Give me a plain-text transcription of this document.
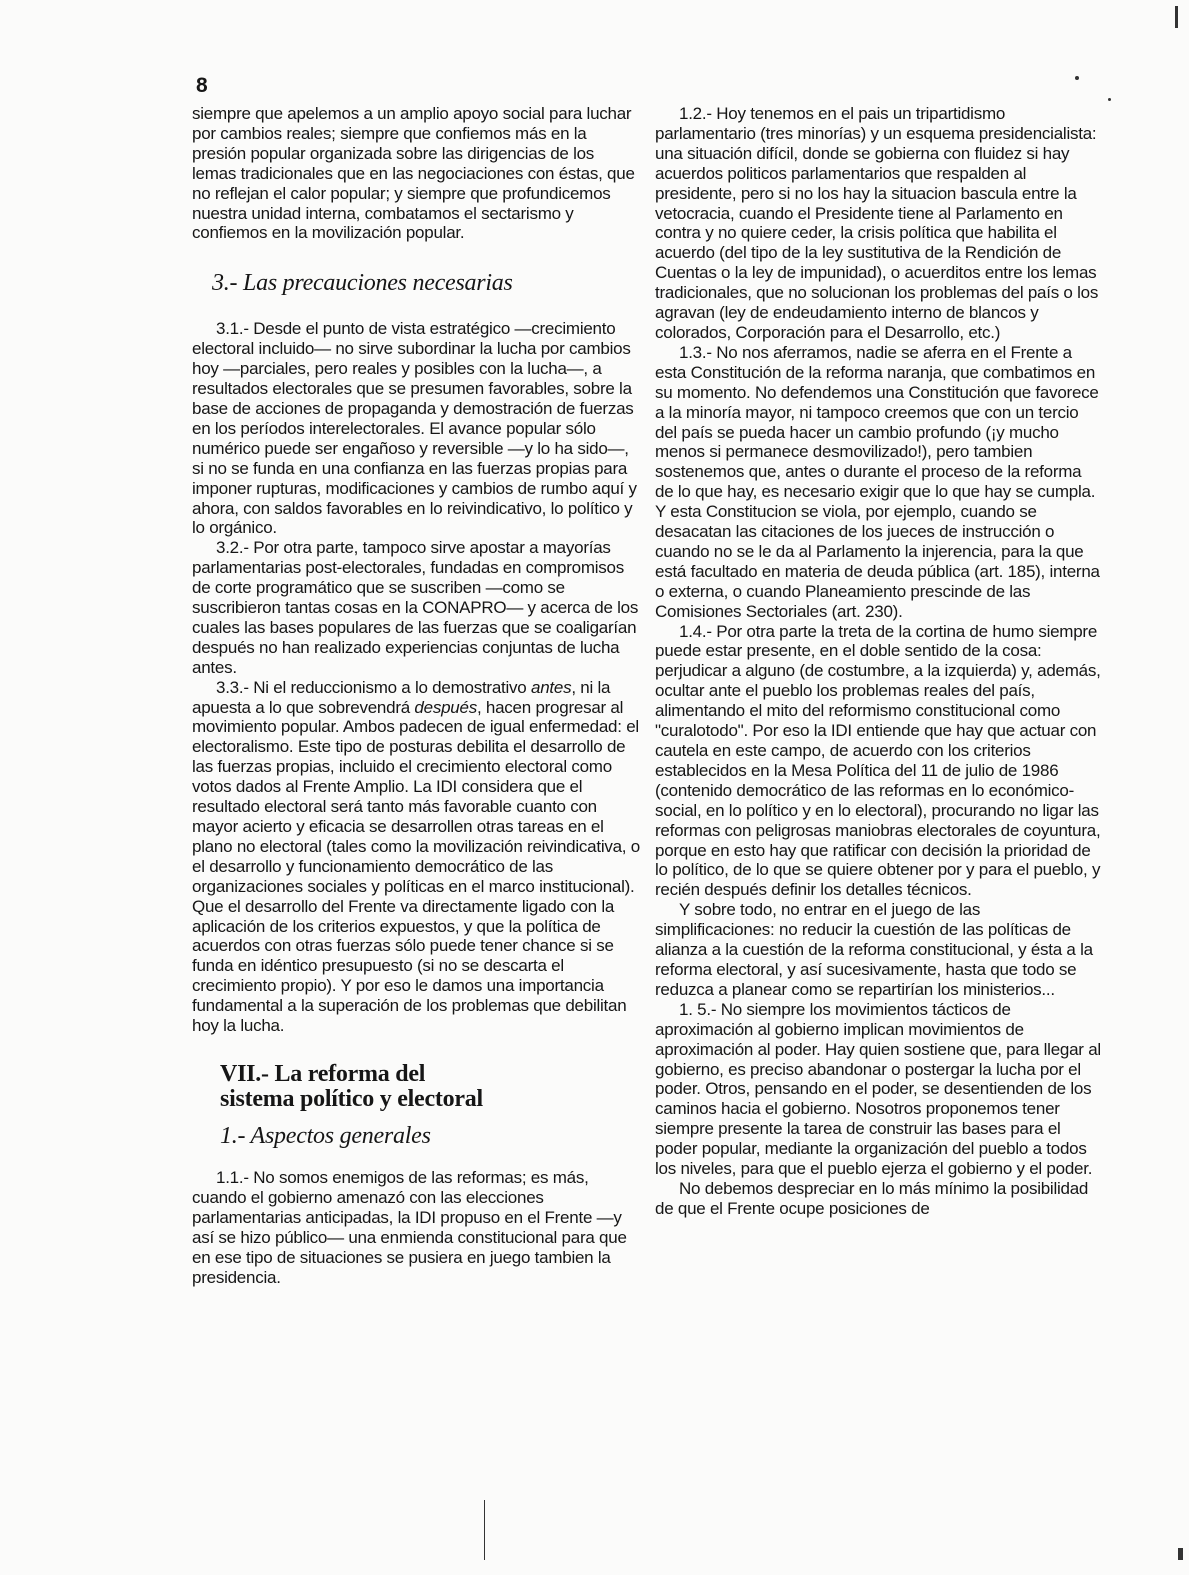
8

siempre que apelemos a un amplio apoyo social para luchar por cambios reales; siempre que confiemos más en la presión popular organizada sobre las dirigencias de los lemas tradicionales que en las negociaciones con éstas, que no reflejan el calor popular; y siempre que profundicemos nuestra unidad interna, combatamos el sectarismo y confiemos en la movilización popular.

3.- Las precauciones necesarias

3.1.- Desde el punto de vista estratégico —crecimiento electoral incluido— no sirve subordinar la lucha por cambios hoy —parciales, pero reales y posibles con la lucha—, a resultados electorales que se presumen favorables, sobre la base de acciones de propaganda y demostración de fuerzas en los períodos interelectorales. El avance popular sólo numérico puede ser engañoso y reversible —y lo ha sido—, si no se funda en una confianza en las fuerzas propias para imponer rupturas, modificaciones y cambios de rumbo aquí y ahora, con saldos favorables en lo reivindicativo, lo político y lo orgánico.

3.2.- Por otra parte, tampoco sirve apostar a mayorías parlamentarias post-electorales, fundadas en compromisos de corte programático que se suscriben —como se suscribieron tantas cosas en la CONAPRO— y acerca de los cuales las bases populares de las fuerzas que se coaligarían después no han realizado experiencias conjuntas de lucha antes.

3.3.- Ni el reduccionismo a lo demostrativo antes, ni la apuesta a lo que sobrevendrá después, hacen progresar al movimiento popular. Ambos padecen de igual enfermedad: el electoralismo. Este tipo de posturas debilita el desarrollo de las fuerzas propias, incluido el crecimiento electoral como votos dados al Frente Amplio. La IDI considera que el resultado electoral será tanto más favorable cuanto con mayor acierto y eficacia se desarrollen otras tareas en el plano no electoral (tales como la movilización reivindicativa, o el desarrollo y funcionamiento democrático de las organizaciones sociales y políticas en el marco institucional). Que el desarrollo del Frente va directamente ligado con la aplicación de los criterios expuestos, y que la política de acuerdos con otras fuerzas sólo puede tener chance si se funda en idéntico presupuesto (si no se descarta el crecimiento propio). Y por eso le damos una importancia fundamental a la superación de los problemas que debilitan hoy la lucha.

VII.- La reforma del

sistema político y electoral

1.- Aspectos generales

1.1.- No somos enemigos de las reformas; es más, cuando el gobierno amenazó con las elecciones parlamentarias anticipadas, la IDI propuso en el Frente —y así se hizo público— una enmienda constitucional para que en ese tipo de situaciones se pusiera en juego tambien la presidencia.

1.2.- Hoy tenemos en el pais un tripartidismo parlamentario (tres minorías) y un esquema presidencialista: una situación difícil, donde se gobierna con fluidez si hay acuerdos politicos parlamentarios que respalden al presidente, pero si no los hay la situacion bascula entre la vetocracia, cuando el Presidente tiene al Parlamento en contra y no quiere ceder, la crisis política que habilita el acuerdo (del tipo de la ley sustitutiva de la Rendición de Cuentas o la ley de impunidad), o acuerditos entre los lemas tradicionales, que no solucionan los problemas del país o los agravan (ley de endeudamiento interno de blancos y colorados, Corporación para el Desarrollo, etc.)

1.3.- No nos aferramos, nadie se aferra en el Frente a esta Constitución de la reforma naranja, que combatimos en su momento. No defendemos una Constitución que favorece a la minoría mayor, ni tampoco creemos que con un tercio del país se pueda hacer un cambio profundo (¡y mucho menos si permanece desmovilizado!), pero tambien sostenemos que, antes o durante el proceso de la reforma de lo que hay, es necesario exigir que lo que hay se cumpla. Y esta Constitucion se viola, por ejemplo, cuando se desacatan las citaciones de los jueces de instrucción o cuando no se le da al Parlamento la injerencia, para la que está facultado en materia de deuda pública (art. 185), interna o externa, o cuando Planeamiento prescinde de las Comisiones Sectoriales (art. 230).

1.4.- Por otra parte la treta de la cortina de humo siempre puede estar presente, en el doble sentido de la cosa: perjudicar a alguno (de costumbre, a la izquierda) y, además, ocultar ante el pueblo los problemas reales del país, alimentando el mito del reformismo constitucional como "curalotodo". Por eso la IDI entiende que hay que actuar con cautela en este campo, de acuerdo con los criterios establecidos en la Mesa Política del 11 de julio de 1986 (contenido democrático de las reformas en lo económico-social, en lo político y en lo electoral), procurando no ligar las reformas con peligrosas maniobras electorales de coyuntura, porque en esto hay que ratificar con decisión la prioridad de lo político, de lo que se quiere obtener por y para el pueblo, y recién después definir los detalles técnicos.

Y sobre todo, no entrar en el juego de las simplificaciones: no reducir la cuestión de las políticas de alianza a la cuestión de la reforma constitucional, y ésta a la reforma electoral, y así sucesivamente, hasta que todo se reduzca a planear como se repartirían los ministerios...

1. 5.- No siempre los movimientos tácticos de aproximación al gobierno implican movimientos de aproximación al poder. Hay quien sostiene que, para llegar al gobierno, es preciso abandonar o postergar la lucha por el poder. Otros, pensando en el poder, se desentienden de los caminos hacia el gobierno. Nosotros proponemos tener siempre presente la tarea de construir las bases para el poder popular, mediante la organización del pueblo a todos los niveles, para que el pueblo ejerza el gobierno y el poder.

No debemos despreciar en lo más mínimo la posibilidad de que el Frente ocupe posiciones de
